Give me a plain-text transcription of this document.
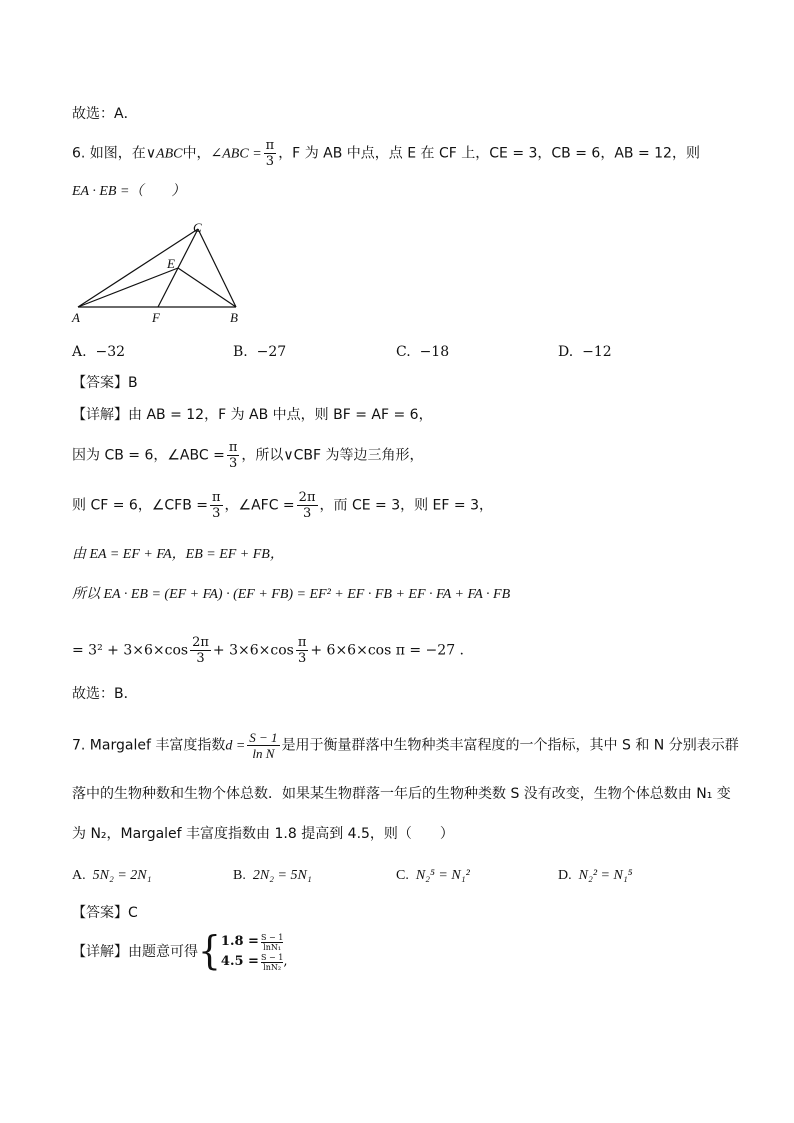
故选：A．
6. 如图，在∨ABC中，∠ABC = $\frac{\pi}{3}$ ，F 为 AB 中点，点 E 在 CF 上，CE = 3，CB = 6，AB = 12，则
EA · EB =（　　）
C
E
A	F	B
A. −32	B. −27	C. −18	D. −12
【答案】B
【详解】由 AB = 12，F 为 AB 中点，则 BF = AF = 6，
因为 CB = 6，∠ABC = $\frac{\pi}{3}$ ，所以∨CBF 为等边三角形，
则 CF = 6，∠CFB = $\frac{\pi}{3}$ ，∠AFC = $\frac{2\pi}{3}$ ，而 CE = 3，则 EF = 3，
由 EA = EF + FA，EB = EF + FB，
所以 EA · EB = (EF + FA) · (EF + FB) = EF² + EF · FB + EF · FA + FA · FB
= $3^2 + 3\times 6\times\cos \frac{2\pi}{3} + 3\times 6\times\cos \frac{\pi}{3} + 6\times 6\times\cos$ π = −27 .
故选：B．
7. Margalef 丰富度指数$d = \frac{S - 1}{\text{ln N}}$ 是用于衡量群落中生物种类丰富程度的一个指标，其中 S 和 N 分别表示群
落中的生物种数和生物个体总数．如果某生物群落一年后的生物种类数 S 没有改变，生物个体总数由 N₁ 变
为 N₂，Margalef 丰富度指数由 1.8 提高到 4.5，则（　　）
A. 5N₂ = 2N₁	B. 2N₂ = 5N₁	C. N₂⁵ = N₁²	D. N₂² = N₁⁵
【答案】C
【详解】由题意可得{ $1.8 = \frac{S - 1}{\text{lnN₁}}$
$4.5 = \frac{S - 1}{\text{lnN₂}}$ ,
